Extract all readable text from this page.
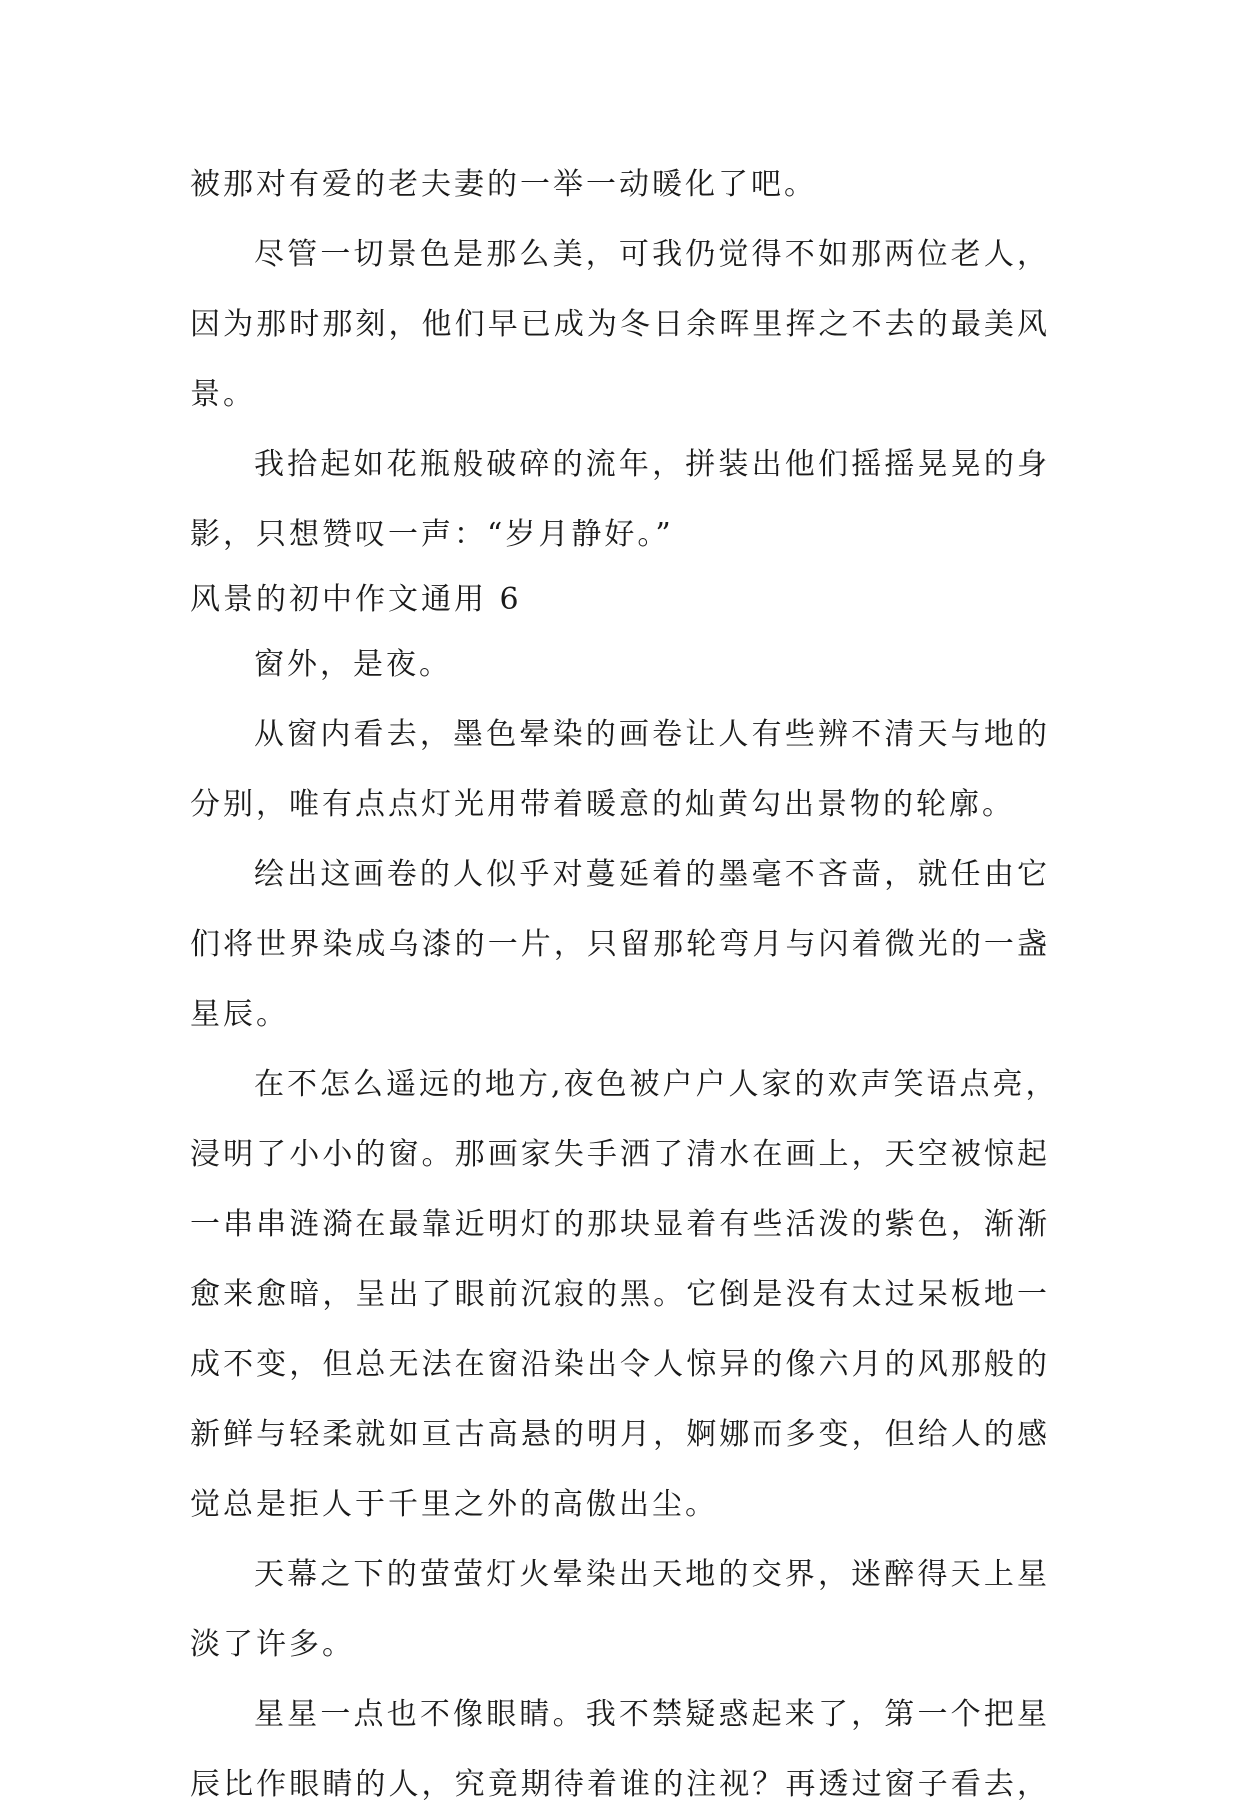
被那对有爱的老夫妻的一举一动暖化了吧。
尽管一切景色是那么美，可我仍觉得不如那两位老人，
因为那时那刻，他们早已成为冬日余晖里挥之不去的最美风
景。
我拾起如花瓶般破碎的流年，拼装出他们摇摇晃晃的身
影，只想赞叹一声：“岁月静好。”
风景的初中作文通用 6
窗外，是夜。
从窗内看去，墨色晕染的画卷让人有些辨不清天与地的
分别，唯有点点灯光用带着暖意的灿黄勾出景物的轮廓。
绘出这画卷的人似乎对蔓延着的墨毫不吝啬，就任由它
们将世界染成乌漆的一片，只留那轮弯月与闪着微光的一盏
星辰。
在不怎么遥远的地方,夜色被户户人家的欢声笑语点亮，
浸明了小小的窗。那画家失手洒了清水在画上，天空被惊起
一串串涟漪在最靠近明灯的那块显着有些活泼的紫色，渐渐
愈来愈暗，呈出了眼前沉寂的黑。它倒是没有太过呆板地一
成不变，但总无法在窗沿染出令人惊异的像六月的风那般的
新鲜与轻柔就如亘古高悬的明月，婀娜而多变，但给人的感
觉总是拒人于千里之外的高傲出尘。
天幕之下的萤萤灯火晕染出天地的交界，迷醉得天上星
淡了许多。
星星一点也不像眼睛。我不禁疑惑起来了，第一个把星
辰比作眼睛的人，究竟期待着谁的注视？再透过窗子看去，
